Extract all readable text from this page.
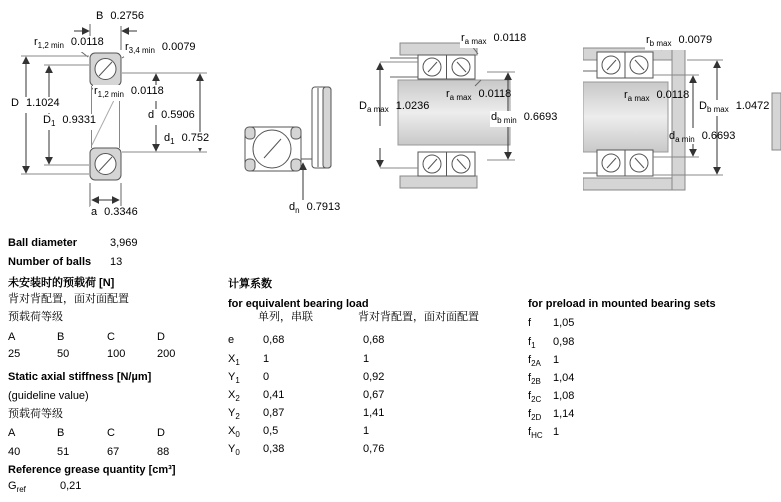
B 0.2756
$r_{1,2 min}$ 0.0118 $r_{3,4 min}$ 0.0079
D 1.1024
$D_1$ 0.9331
$r_{1,2 min}$ 0.0118
d 0.5906
$d_1$ 0.752
a 0.3346	$d_n$ 0.7913
$r_{a max}$ 0.0118
$D_{a max}$ 1.0236
$r_{a max}$ 0.0118
$d_{b min}$ 0.6693
$r_{b max}$ 0.0079
$r_{a max}$ 0.0118
$D_{b max}$ 1.0472
$d_{a min}$ 0.6693
Ball diameter	3,969
Number of balls 13
未安装时的预载荷 [N]
背对背配置，面对面配置
预载荷等级
A	B	C	D
25	50	100	200
Static axial stiffness [N/µm]
(guideline value)
预载荷等级
A	B	C	D
40	51	67	88
Reference grease quantity [cm³]
$G_{ref}$	0,21
计算系数
for equivalent bearing load
单列，串联	背对背配置，面对面配置
e	0,68	0,68
$X_1$ 1	1
$Y_1$ 0	0,92
$X_2$ 0,41	0,67
$Y_2$ 0,87	1,41
$X_0$ 0,5	1
$Y_0$ 0,38	0,76
for preload in mounted bearing sets
f 1,05
$f_1$ 0,98
$f_{2A}$ 1
$f_{2B}$ 1,04
$f_{2C}$ 1,08
$f_{2D}$ 1,14
$f_{HC}$ 1
